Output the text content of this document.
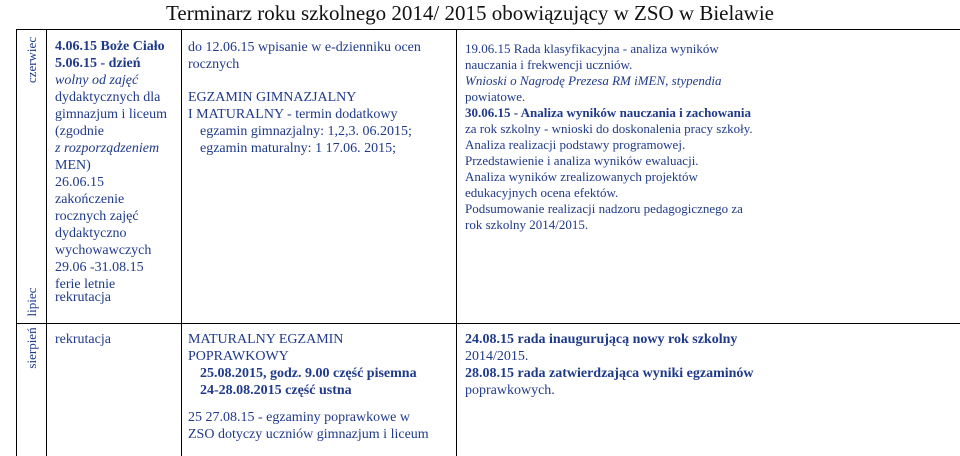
Terminarz roku szkolnego 2014/ 2015 obowiązujący w ZSO w Bielawie
czerwiec
lipiec
sierpień

4.06.15 Boże Ciało

5.06.15 - dzień

wolny od zajęć

dydaktycznych dla

gimnazjum i liceum

(zgodnie

z rozporządzeniem

MEN)

26.06.15

zakończenie

rocznych zajęć

dydaktyczno

wychowawczych

29.06 -31.08.15

ferie letnie

rekrutacja

do 12.06.15 wpisanie w e-dzienniku ocen

rocznych

EGZAMIN GIMNAZJALNY

I MATURALNY - termin dodatkowy

egzamin gimnazjalny: 1,2,3. 06.2015;

egzamin maturalny: 1 17.06. 2015;

19.06.15 Rada klasyfikacyjna - analiza wyników

nauczania i frekwencji uczniów.

Wnioski o Nagrodę Prezesa RM iMEN, stypendia

powiatowe.

30.06.15 - Analiza wyników nauczania i zachowania

za rok szkolny - wnioski do doskonalenia pracy szkoły.

Analiza realizacji podstawy programowej.

Przedstawienie i analiza wyników ewaluacji.

Analiza wyników zrealizowanych projektów

edukacyjnych ocena efektów.

Podsumowanie realizacji nadzoru pedagogicznego za

rok szkolny 2014/2015.

rekrutacja	MATURALNY EGZAMIN

POPRAWKOWY

25.08.2015, godz. 9.00 część pisemna

24-28.08.2015 część ustna

25 27.08.15 - egzaminy poprawkowe w

ZSO dotyczy uczniów gimnazjum i liceum

24.08.15 rada inaugurującą nowy rok szkolny

2014/2015.

28.08.15 rada zatwierdzająca wyniki egzaminów

poprawkowych.
